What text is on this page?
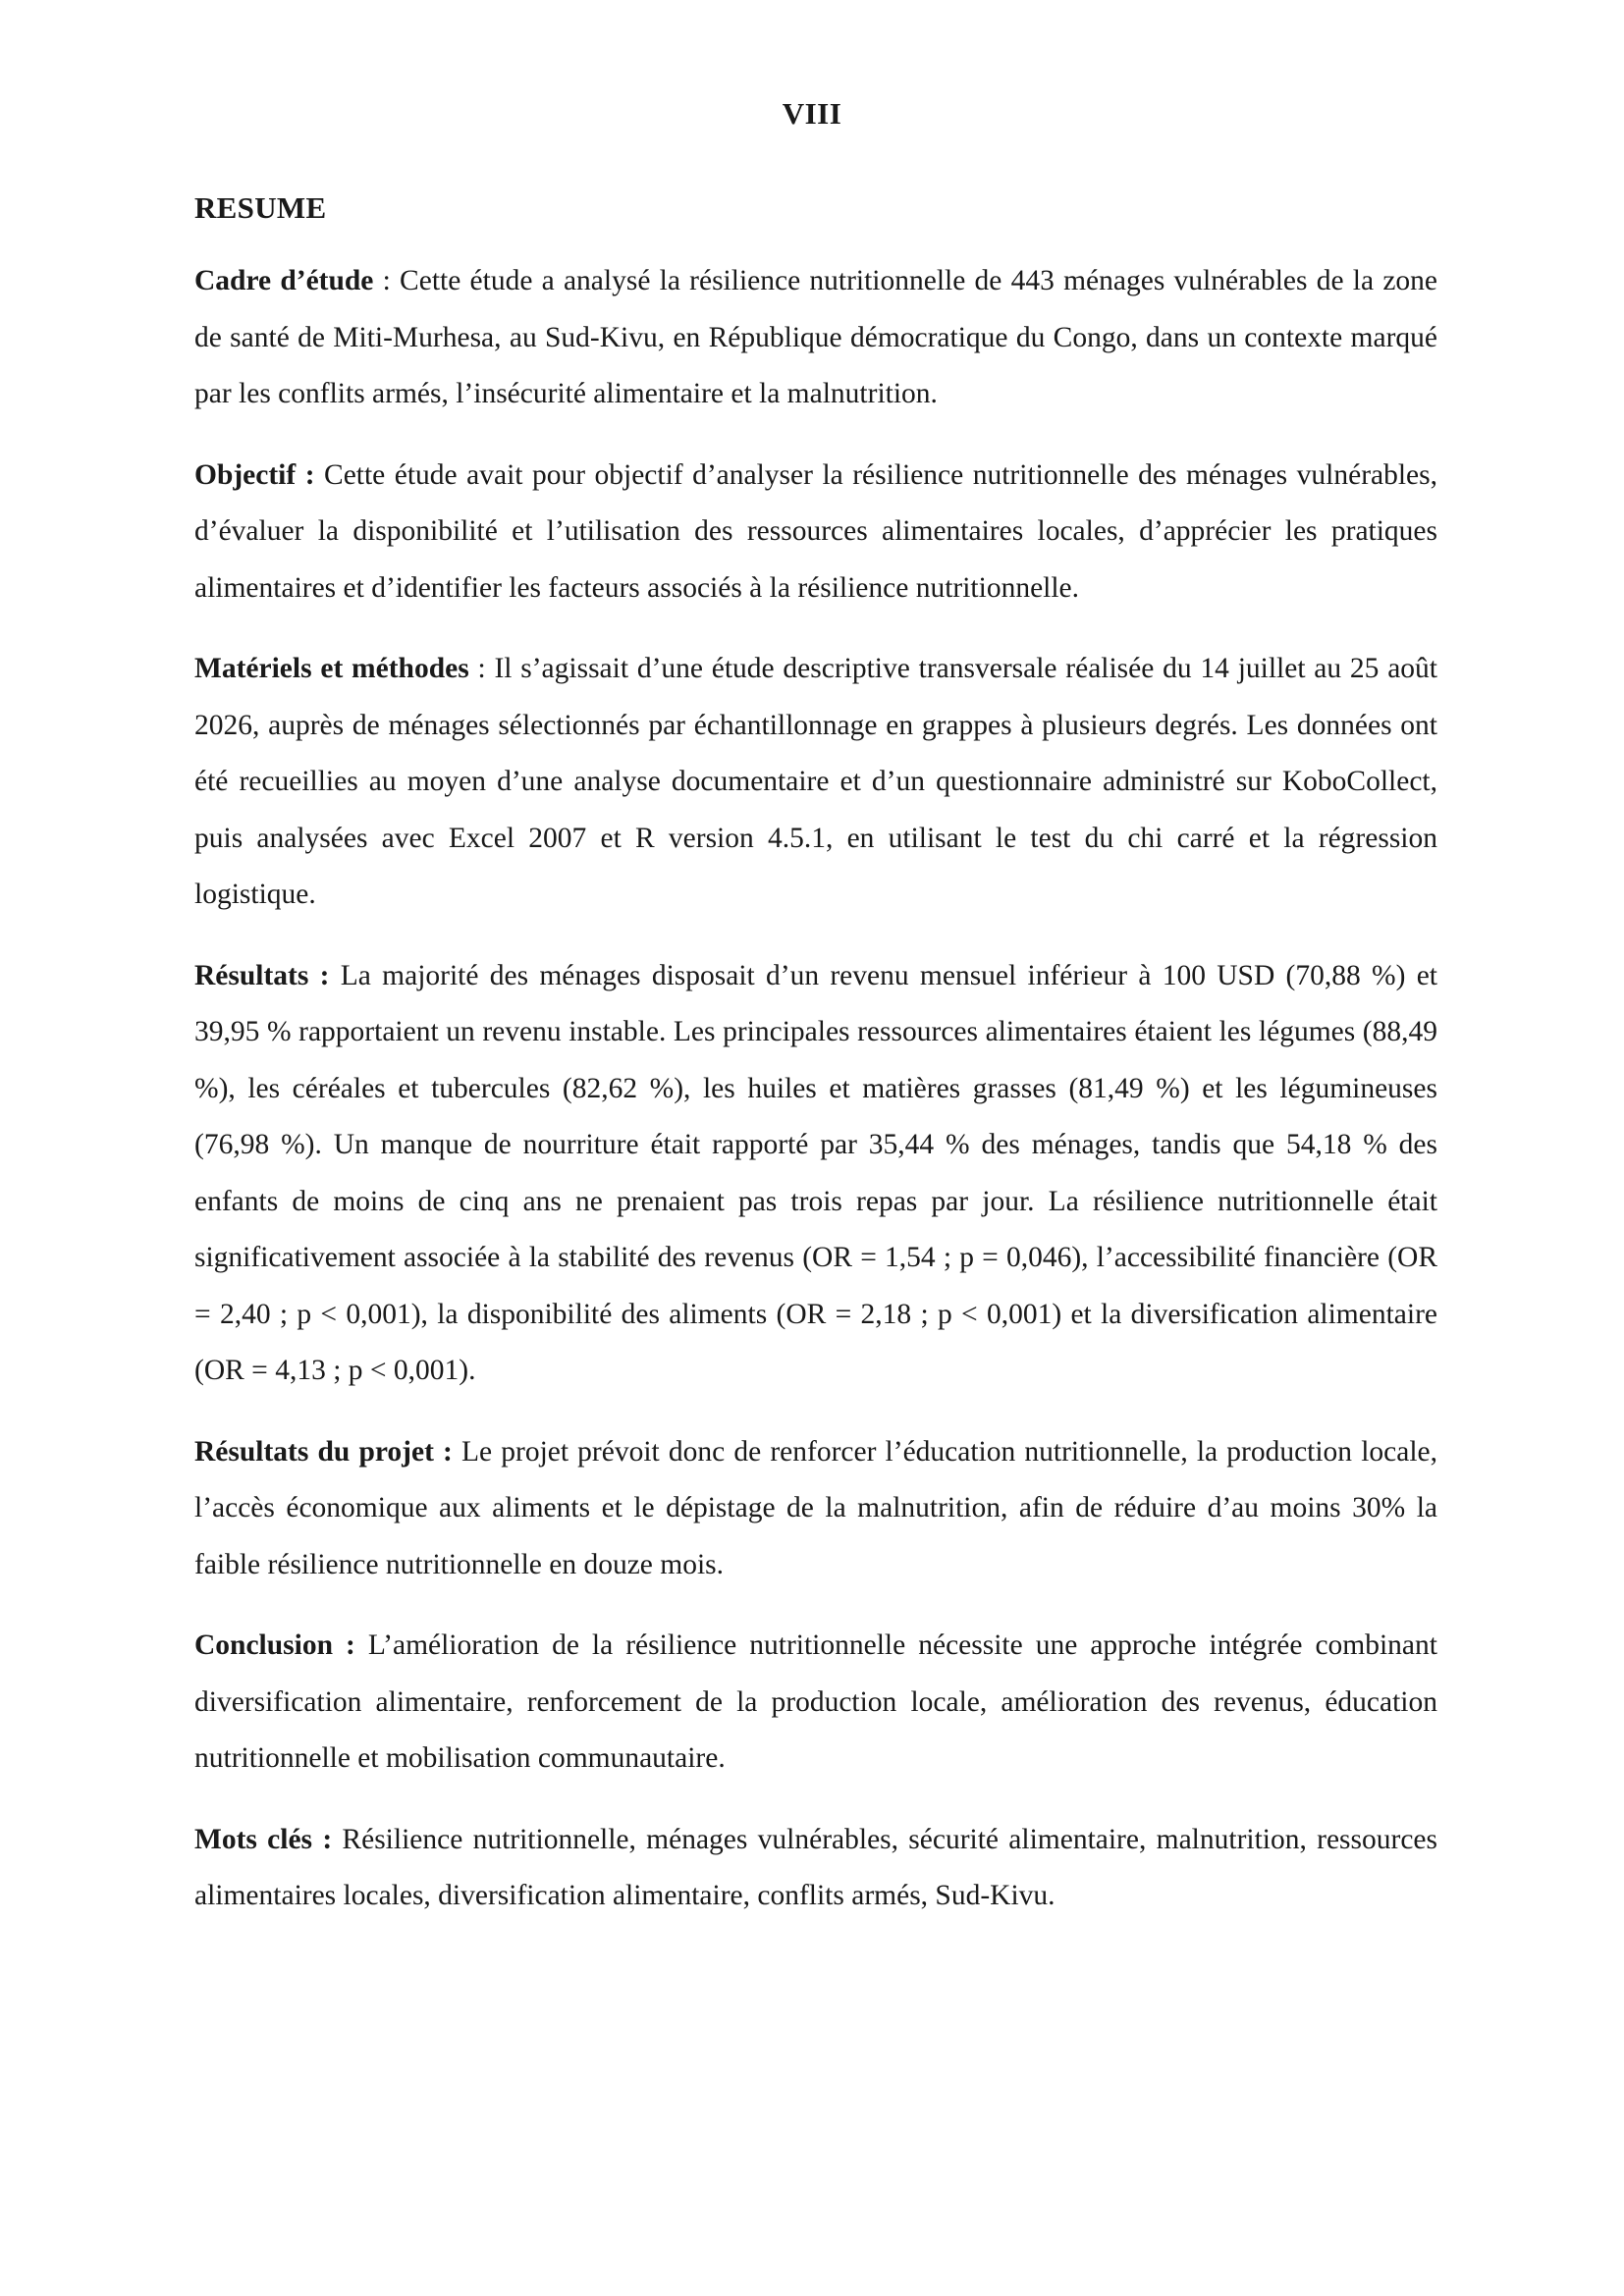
VIII
RESUME

Cadre d’étude : Cette étude a analysé la résilience nutritionnelle de 443 ménages vulnérables de la zone de santé de Miti-Murhesa, au Sud-Kivu, en République démocratique du Congo, dans un contexte marqué par les conflits armés, l’insécurité alimentaire et la malnutrition.

Objectif : Cette étude avait pour objectif d’analyser la résilience nutritionnelle des ménages vulnérables, d’évaluer la disponibilité et l’utilisation des ressources alimentaires locales, d’apprécier les pratiques alimentaires et d’identifier les facteurs associés à la résilience nutritionnelle.

Matériels et méthodes : Il s’agissait d’une étude descriptive transversale réalisée du 14 juillet au 25 août 2026, auprès de ménages sélectionnés par échantillonnage en grappes à plusieurs degrés. Les données ont été recueillies au moyen d’une analyse documentaire et d’un questionnaire administré sur KoboCollect, puis analysées avec Excel 2007 et R version 4.5.1, en utilisant le test du chi carré et la régression logistique.

Résultats : La majorité des ménages disposait d’un revenu mensuel inférieur à 100 USD (70,88 %) et 39,95 % rapportaient un revenu instable. Les principales ressources alimentaires étaient les légumes (88,49 %), les céréales et tubercules (82,62 %), les huiles et matières grasses (81,49 %) et les légumineuses (76,98 %). Un manque de nourriture était rapporté par 35,44 % des ménages, tandis que 54,18 % des enfants de moins de cinq ans ne prenaient pas trois repas par jour. La résilience nutritionnelle était significativement associée à la stabilité des revenus (OR = 1,54 ; p = 0,046), l’accessibilité financière (OR = 2,40 ; p < 0,001), la disponibilité des aliments (OR = 2,18 ; p < 0,001) et la diversification alimentaire (OR = 4,13 ; p < 0,001).

Résultats du projet : Le projet prévoit donc de renforcer l’éducation nutritionnelle, la production locale, l’accès économique aux aliments et le dépistage de la malnutrition, afin de réduire d’au moins 30% la faible résilience nutritionnelle en douze mois.

Conclusion : L’amélioration de la résilience nutritionnelle nécessite une approche intégrée combinant diversification alimentaire, renforcement de la production locale, amélioration des revenus, éducation nutritionnelle et mobilisation communautaire.

Mots clés : Résilience nutritionnelle, ménages vulnérables, sécurité alimentaire, malnutrition, ressources alimentaires locales, diversification alimentaire, conflits armés, Sud-Kivu.
